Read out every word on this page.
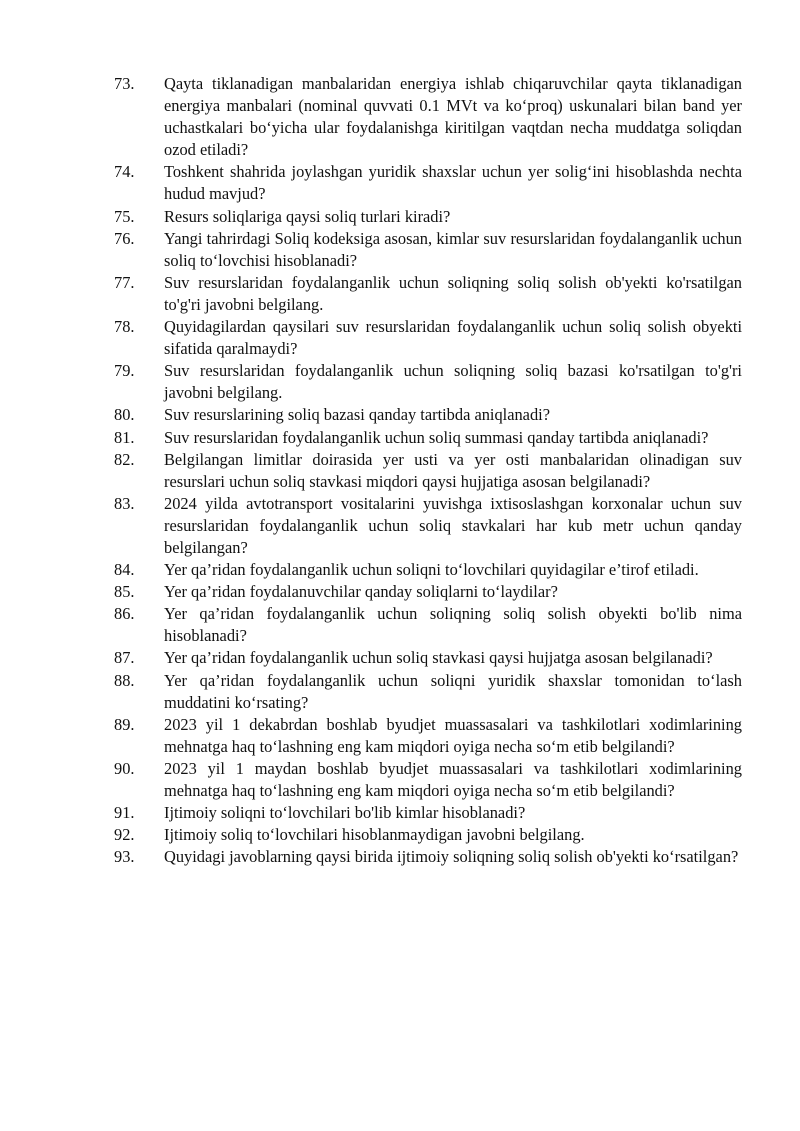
73.	Qayta tiklanadigan manbalaridan energiya ishlab chiqaruvchilar qayta tiklanadigan energiya manbalari (nominal quvvati 0.1 MVt va ko‘proq) uskunalari bilan band yer uchastkalari bo‘yicha ular foydalanishga kiritilgan vaqtdan necha muddatga soliqdan ozod etiladi?
74.	Toshkent shahrida joylashgan yuridik shaxslar uchun yer solig‘ini hisoblashda nechta hudud mavjud?
75.	Resurs soliqlariga qaysi soliq turlari kiradi?
76.	Yangi tahrirdagi Soliq kodeksiga asosan, kimlar suv resurslaridan foydalanganlik uchun soliq to‘lovchisi hisoblanadi?
77.	Suv resurslaridan foydalanganlik uchun soliqning soliq solish ob'yekti ko'rsatilgan to'g'ri javobni belgilang.
78.	Quyidagilardan qaysilari suv resurslaridan foydalanganlik uchun soliq solish obyekti sifatida qaralmaydi?
79.	Suv resurslaridan foydalanganlik uchun soliqning soliq bazasi ko'rsatilgan to'g'ri javobni belgilang.
80.	Suv resurslarining soliq bazasi qanday tartibda aniqlanadi?
81.	Suv resurslaridan foydalanganlik uchun soliq summasi qanday tartibda aniqlanadi?
82.	Belgilangan limitlar doirasida yer usti va yer osti manbalaridan olinadigan suv resurslari uchun soliq stavkasi miqdori qaysi hujjatiga asosan belgilanadi?
83.	2024 yilda avtotransport vositalarini yuvishga ixtisoslashgan korxonalar uchun suv resurslaridan foydalanganlik uchun soliq stavkalari har kub metr uchun qanday belgilangan?
84.	Yer qa’ridan foydalanganlik uchun soliqni to‘lovchilari quyidagilar e’tirof etiladi.
85.	Yer qa’ridan foydalanuvchilar qanday soliqlarni to‘laydilar?
86.	Yer qa’ridan foydalanganlik uchun soliqning soliq solish obyekti bo'lib nima hisoblanadi?
87.	Yer qa’ridan foydalanganlik uchun soliq stavkasi qaysi hujjatga asosan belgilanadi?
88.	Yer qa’ridan foydalanganlik uchun soliqni yuridik shaxslar tomonidan to‘lash muddatini ko‘rsating?
89.	2023 yil 1 dekabrdan boshlab byudjet muassasalari va tashkilotlari xodimlarining mehnatga haq to‘lashning eng kam miqdori oyiga necha so‘m etib belgilandi?
90.	2023 yil 1 maydan boshlab byudjet muassasalari va tashkilotlari xodimlarining mehnatga haq to‘lashning eng kam miqdori oyiga necha so‘m etib belgilandi?
91.	Ijtimoiy soliqni to‘lovchilari bo'lib kimlar hisoblanadi?
92.	Ijtimoiy soliq to‘lovchilari hisoblanmaydigan javobni belgilang.
93.	Quyidagi javoblarning qaysi birida ijtimoiy soliqning soliq solish ob'yekti ko‘rsatilgan?
